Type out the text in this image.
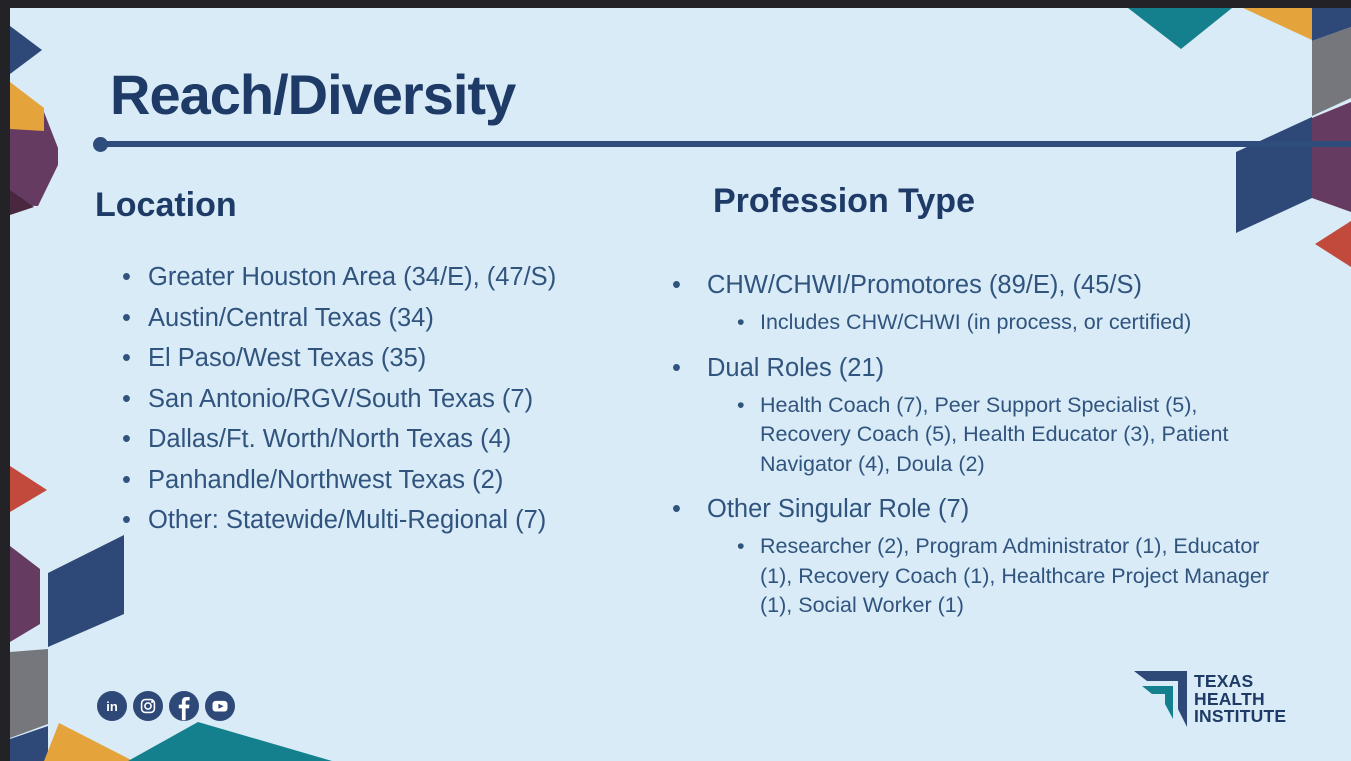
Reach/Diversity
Location
• Greater Houston Area (34/E), (47/S)
• Austin/Central Texas (34)
• El Paso/West Texas (35)
• San Antonio/RGV/South Texas (7)
• Dallas/Ft. Worth/North Texas (4)
• Panhandle/Northwest Texas (2)
• Other: Statewide/Multi-Regional (7)
Profession Type
• CHW/CHWI/Promotores (89/E), (45/S)
• Includes CHW/CHWI (in process, or certified)
• Dual Roles (21)
• Health Coach (7), Peer Support Specialist (5), Recovery Coach (5), Health Educator (3), Patient Navigator (4), Doula (2)
• Other Singular Role (7)
• Researcher (2), Program Administrator (1), Educator (1), Recovery Coach (1), Healthcare Project Manager (1), Social Worker (1)
in
TEXAS
HEALTH
INSTITUTE
